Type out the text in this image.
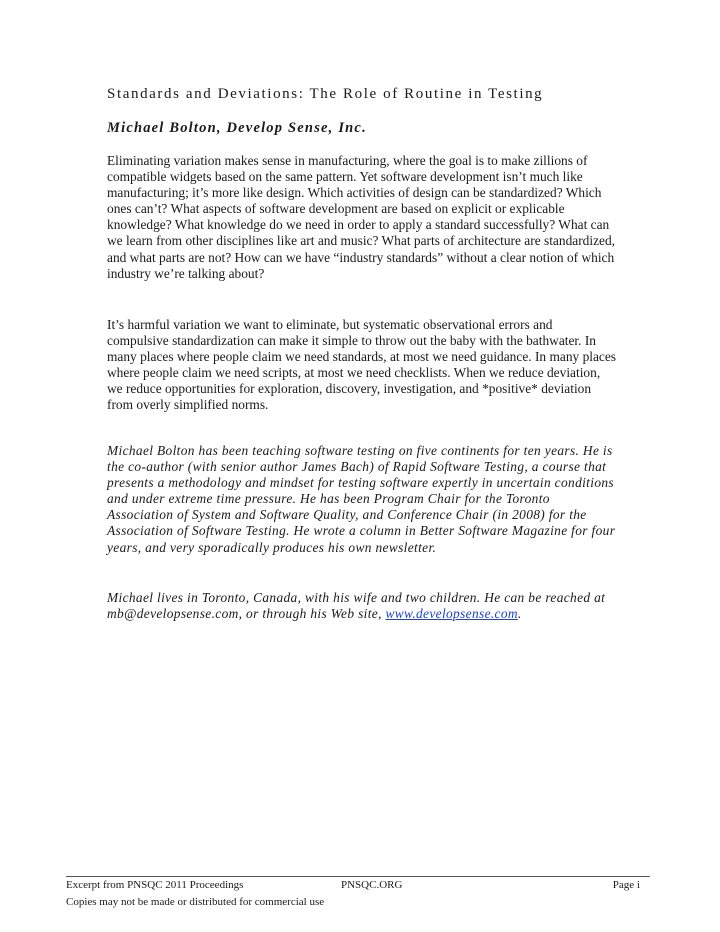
Standards and Deviations: The Role of Routine in Testing
Michael Bolton, Develop Sense, Inc.

Eliminating variation makes sense in manufacturing, where the goal is to make zillions of compatible widgets based on the same pattern. Yet software development isn’t much like manufacturing; it’s more like design. Which activities of design can be standardized? Which ones can’t? What aspects of software development are based on explicit or explicable knowledge? What knowledge do we need in order to apply a standard successfully? What can we learn from other disciplines like art and music? What parts of architecture are standardized, and what parts are not? How can we have “industry standards” without a clear notion of which industry we’re talking about?

It’s harmful variation we want to eliminate, but systematic observational errors and compulsive standardization can make it simple to throw out the baby with the bathwater. In many places where people claim we need standards, at most we need guidance. In many places where people claim we need scripts, at most we need checklists. When we reduce deviation, we reduce opportunities for exploration, discovery, investigation, and *positive* deviation from overly simplified norms.

Michael Bolton has been teaching software testing on five continents for ten years. He is the co-author (with senior author James Bach) of Rapid Software Testing, a course that presents a methodology and mindset for testing software expertly in uncertain conditions and under extreme time pressure. He has been Program Chair for the Toronto Association of System and Software Quality, and Conference Chair (in 2008) for the Association of Software Testing. He wrote a column in Better Software Magazine for four years, and very sporadically produces his own newsletter.

Michael lives in Toronto, Canada, with his wife and two children. He can be reached at mb@developsense.com, or through his Web site, www.developsense.com.

Excerpt from PNSQC 2011 Proceedings	PNSQC.ORG	Page i
Copies may not be made or distributed for commercial use
